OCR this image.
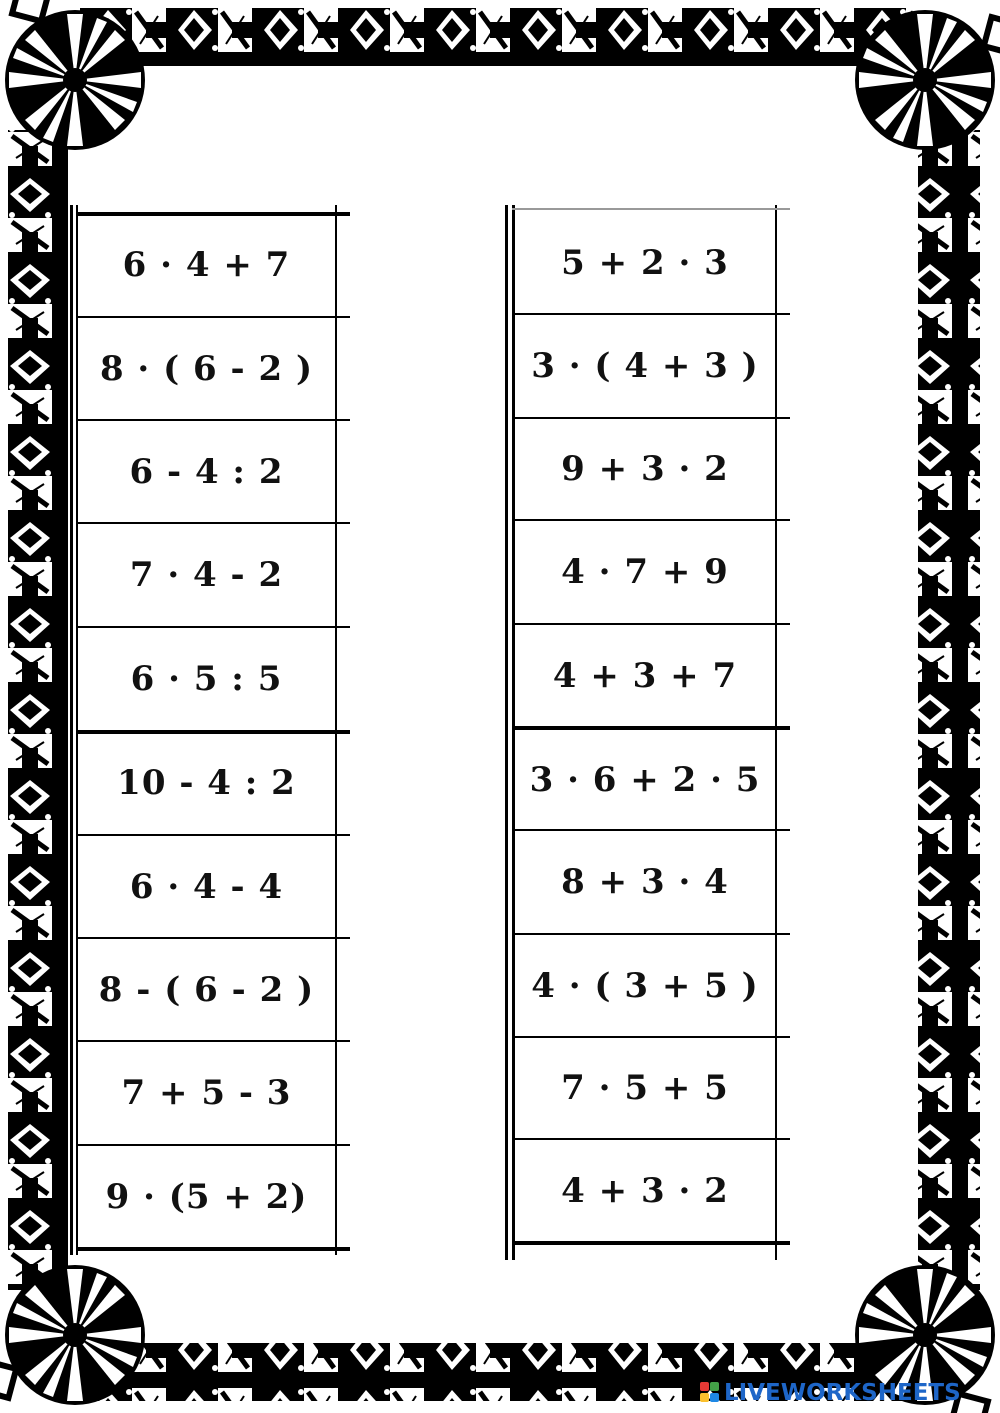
6 · 4 + 7
8 · ( 6 - 2 )
6 - 4 : 2
7 · 4 - 2
6 · 5 : 5
10 - 4 : 2
6 · 4 - 4
8 - ( 6 - 2 )
7 + 5 - 3
9 · (5 + 2)
5 + 2 · 3
3 · ( 4 + 3 )
9 + 3 · 2
4 · 7 + 9
4 + 3 + 7
3 · 6 + 2 · 5
8 + 3 · 4
4 · ( 3 + 5 )
7 · 5 + 5
4 + 3 · 2
LIVEWORKSHEETS
